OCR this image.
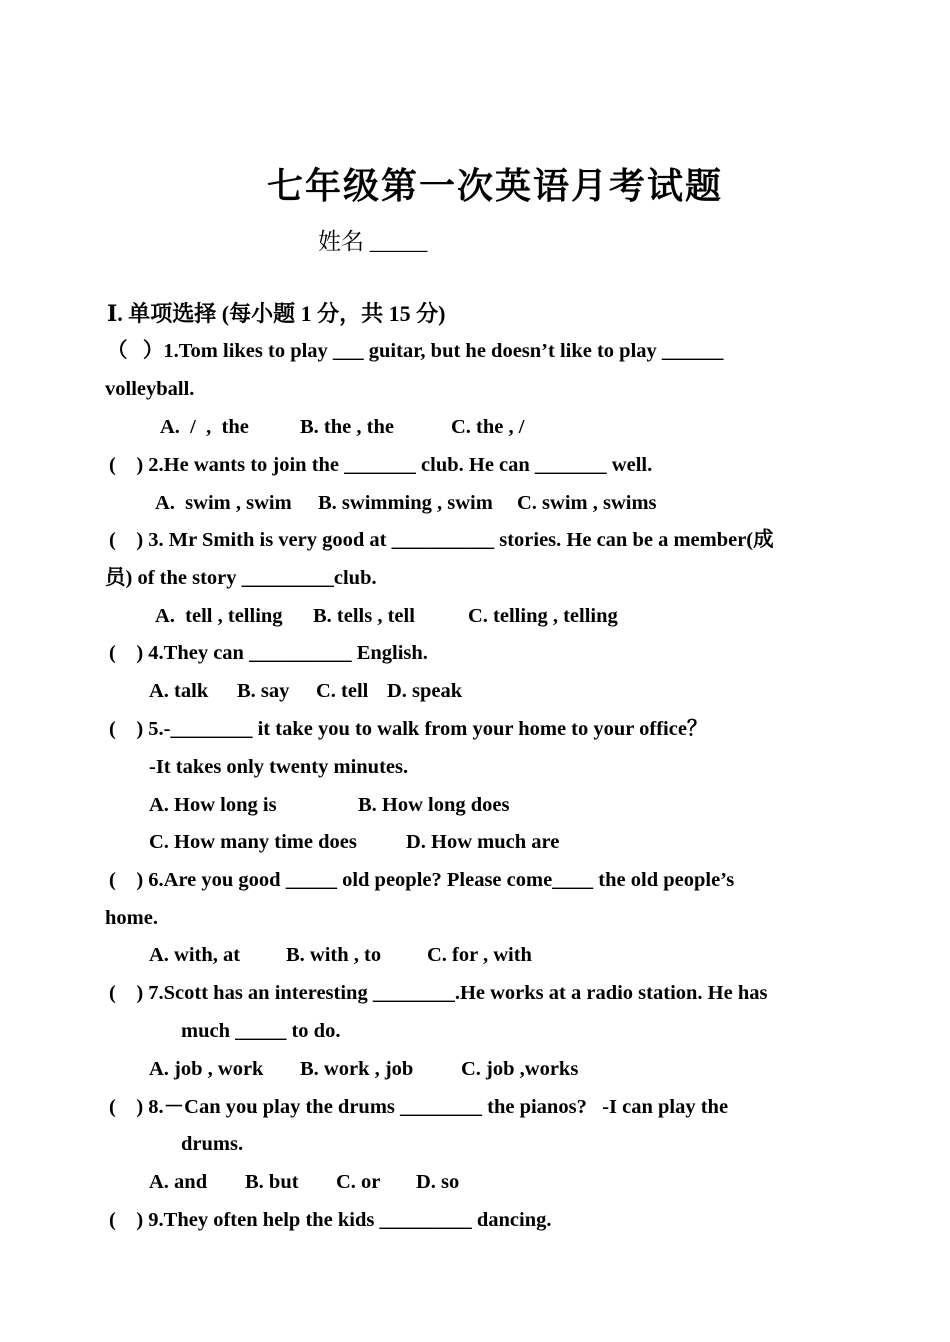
七年级第一次英语月考试题
姓名 _____
Ⅰ. 单项选择 (每小题 1 分，共 15 分)
（   ）1.Tom likes to play ___ guitar, but he doesn’t like to play ______
volleyball.
A.  /  ,  the B. the , the	C. the , /
(    ) 2.He wants to join the _______ club. He can _______ well.
A.  swim , swim B. swimming , swim C. swim , swims
(    ) 3. Mr Smith is very good at __________ stories. He can be a member(成
员) of the story _________club.
A.  tell , telling B. tells , tell	C. telling , telling
(    ) 4.They can __________ English.
A. talk B. say C. tell D. speak
(    ) 5.-________ it take you to walk from your home to your office？
-It takes only twenty minutes.
A. How long is	B. How long does
C. How many time does D. How much are
(    ) 6.Are you good _____ old people? Please come____ the old people’s
home.
A. with, at B. with , to C. for , with
(    ) 7.Scott has an interesting ________.He works at a radio station. He has
much _____ to do.
A. job , work B. work , job C. job ,works
(    ) 8.－Can you play the drums ________ the pianos?   -I can play the
drums.
A. and B. but C. or D. so
(    ) 9.They often help the kids _________ dancing.
